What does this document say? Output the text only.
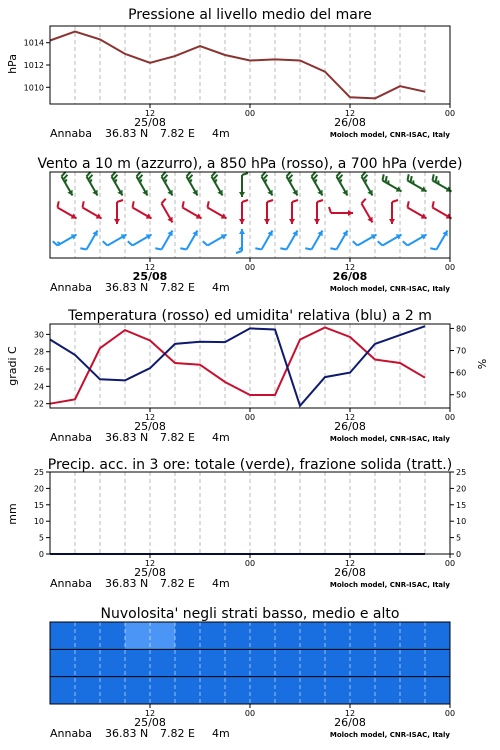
Pressione al livello medio del mare
hPa
1010
1012
1014
12	00	12	00
25/08	26/08
Annaba 36.83 N 7.82 E 4m	Moloch model, CNR-ISAC, Italy
Vento a 10 m (azzurro), a 850 hPa (rosso), a 700 hPa (verde)
12	00	12	00
25/08	26/08
Annaba 36.83 N 7.82 E 4m	Moloch model, CNR-ISAC, Italy
Temperatura (rosso) ed umidita' relativa (blu) a 2 m
gradi C	%
22
24
26
28
30
50
60
70
80
12	00	12	00
25/08	26/08
Annaba 36.83 N 7.82 E 4m	Moloch model, CNR-ISAC, Italy
Precip. acc. in 3 ore: totale (verde), frazione solida (tratt.)
mm
0
5
10
15
20
25
0
5
10
15
20
25
12	00	12	00
25/08	26/08
Annaba 36.83 N 7.82 E 4m	Moloch model, CNR-ISAC, Italy
Nuvolosita' negli strati basso, medio e alto
12	00	12	00
25/08	26/08
Annaba 36.83 N 7.82 E 4m	Moloch model, CNR-ISAC, Italy
